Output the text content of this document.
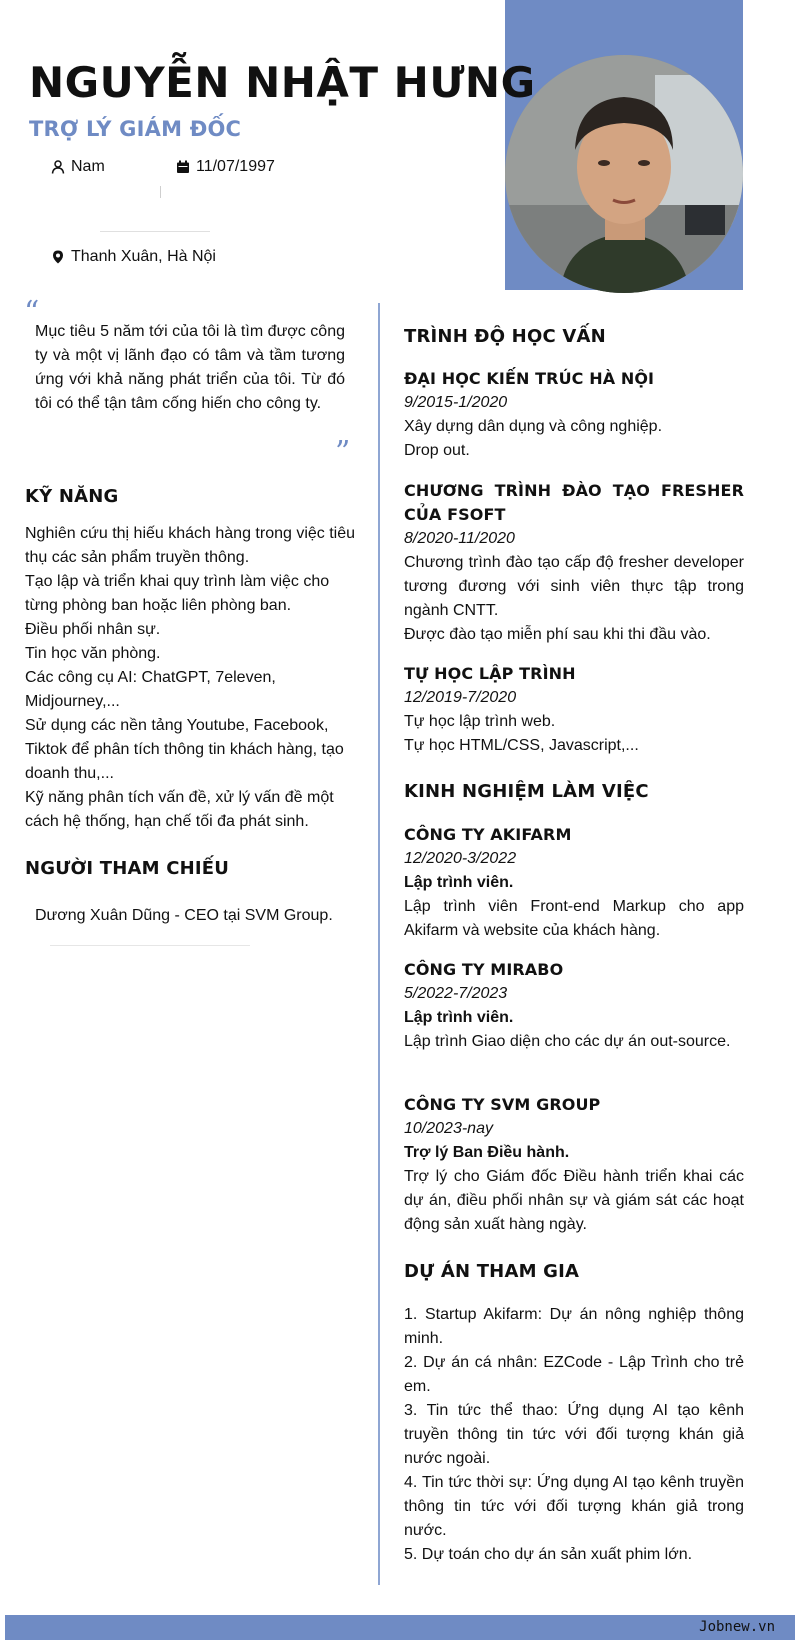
NGUYỄN NHẬT HƯNG
TRỢ LÝ GIÁM ĐỐC
Nam	11/07/1997
Thanh Xuân, Hà Nội
“
Mục tiêu 5 năm tới của tôi là tìm được công ty và một vị lãnh đạo có tâm và tầm tương ứng với khả năng phát triển của tôi. Từ đó tôi có thể tận tâm cống hiến cho công ty.
”
KỸ NĂNG
Nghiên cứu thị hiếu khách hàng trong việc tiêu thụ các sản phẩm truyền thông.
Tạo lập và triển khai quy trình làm việc cho từng phòng ban hoặc liên phòng ban.
Điều phối nhân sự.
Tin học văn phòng.
Các công cụ AI: ChatGPT, 7eleven, Midjourney,...
Sử dụng các nền tảng Youtube, Facebook, Tiktok để phân tích thông tin khách hàng, tạo doanh thu,...
Kỹ năng phân tích vấn đề, xử lý vấn đề một cách hệ thống, hạn chế tối đa phát sinh.
NGƯỜI THAM CHIẾU
Dương Xuân Dũng - CEO tại SVM Group.
TRÌNH ĐỘ HỌC VẤN
ĐẠI HỌC KIẾN TRÚC HÀ NỘI
9/2015-1/2020
Xây dựng dân dụng và công nghiệp.
Drop out.
CHƯƠNG TRÌNH ĐÀO TẠO FRESHER CỦA FSOFT
8/2020-11/2020
Chương trình đào tạo cấp độ fresher developer tương đương với sinh viên thực tập trong ngành CNTT.
Được đào tạo miễn phí sau khi thi đầu vào.
TỰ HỌC LẬP TRÌNH
12/2019-7/2020
Tự học lập trình web.
Tự học HTML/CSS, Javascript,...
KINH NGHIỆM LÀM VIỆC
CÔNG TY AKIFARM
12/2020-3/2022
Lập trình viên.
Lập trình viên Front-end Markup cho app Akifarm và website của khách hàng.
CÔNG TY MIRABO
5/2022-7/2023
Lập trình viên.
Lập trình Giao diện cho các dự án out-source.
CÔNG TY SVM GROUP
10/2023-nay
Trợ lý Ban Điều hành.
Trợ lý cho Giám đốc Điều hành triển khai các dự án, điều phối nhân sự và giám sát các hoạt động sản xuất hàng ngày.
DỰ ÁN THAM GIA
1. Startup Akifarm: Dự án nông nghiệp thông minh.
2. Dự án cá nhân: EZCode - Lập Trình cho trẻ em.
3. Tin tức thể thao: Ứng dụng AI tạo kênh truyền thông tin tức với đối tượng khán giả nước ngoài.
4. Tin tức thời sự: Ứng dụng AI tạo kênh truyền thông tin tức với đối tượng khán giả trong nước.
5. Dự toán cho dự án sản xuất phim lớn.
Jobnew.vn
